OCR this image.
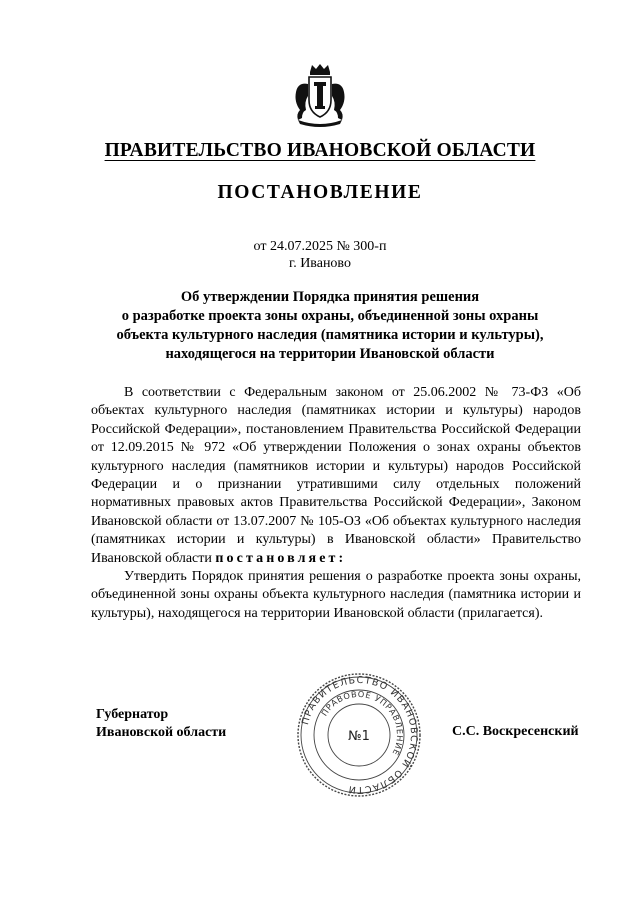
ПРАВИТЕЛЬСТВО ИВАНОВСКОЙ ОБЛАСТИ
ПОСТАНОВЛЕНИЕ
от 24.07.2025 № 300-п
г. Иваново
Об утверждении Порядка принятия решения
о разработке проекта зоны охраны, объединенной зоны охраны
объекта культурного наследия (памятника истории и культуры),
находящегося на территории Ивановской области

В соответствии с Федеральным законом от 25.06.2002 № 73-ФЗ «Об объектах культурного наследия (памятниках истории и культуры) народов Российской Федерации», постановлением Правительства Российской Федерации от 12.09.2015 № 972 «Об утверждении Положения о зонах охраны объектов культурного наследия (памятников истории и культуры) народов Российской Федерации и о признании утратившими силу отдельных положений нормативных правовых актов Правительства Российской Федерации», Законом Ивановской области от 13.07.2007 № 105-ОЗ «Об объектах культурного наследия (памятниках истории и культуры) в Ивановской области» Правительство Ивановской области постановляет:

Утвердить Порядок принятия решения о разработке проекта зоны охраны, объединенной зоны охраны объекта культурного наследия (памятника истории и культуры), находящегося на территории Ивановской области (прилагается).

Губернатор
Ивановской области
ПРАВИТЕЛЬСТВО ИВАНОВСКОЙ ОБЛАСТИ
ПРАВОВОЕ УПРАВЛЕНИЕ
№1	С.С. Воскресенский
